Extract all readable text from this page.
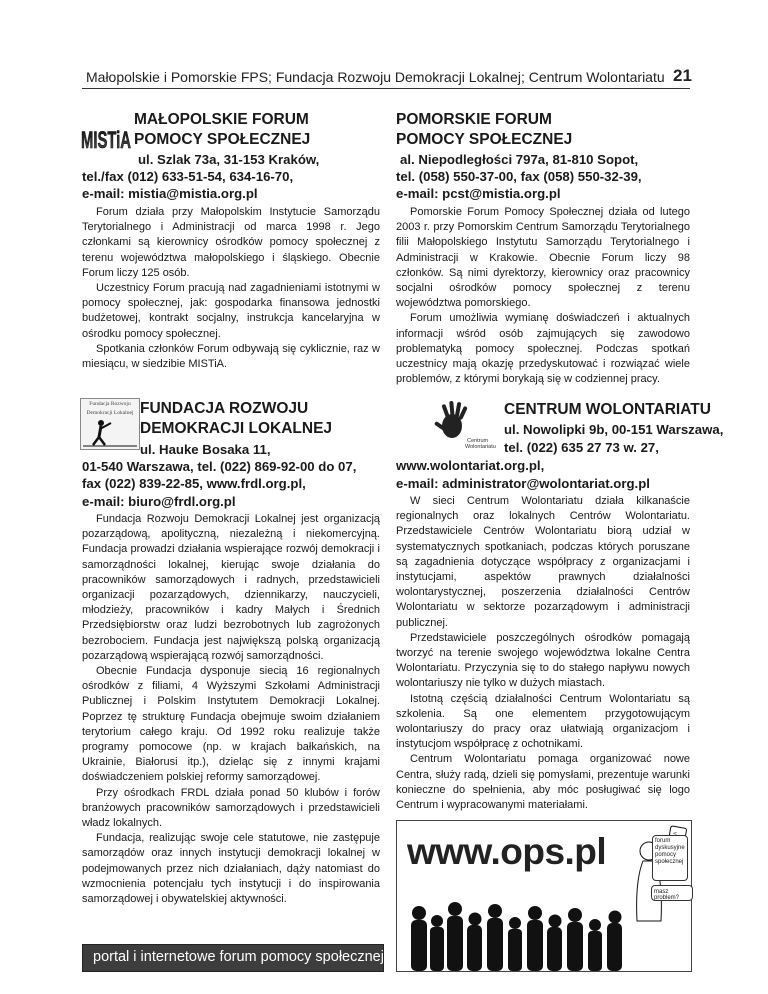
Małopolskie i Pomorskie FPS; Fundacja Rozwoju Demokracji Lokalnej; Centrum Wolontariatu 21
MISTiA
MAŁOPOLSKIE FORUM
POMOCY SPOŁECZNEJ
ul. Szlak 73a, 31-153 Kraków,
tel./fax (012) 633-51-54, 634-16-70,
e-mail: mistia@mistia.org.pl

Forum działa przy Małopolskim Instytucie Samorządu Terytorialnego i Administracji od marca 1998 r. Jego członkami są kierownicy ośrodków pomocy społecznej z terenu województwa małopolskiego i śląskiego. Obecnie Forum liczy 125 osób.

Uczestnicy Forum pracują nad zagadnieniami istotnymi w pomocy społecznej, jak: gospodarka finansowa jednostki budżetowej, kontrakt socjalny, instrukcja kancelaryjna w ośrodku pomocy społecznej.

Spotkania członków Forum odbywają się cyklicznie, raz w miesiącu, w siedzibie MISTiA.

POMORSKIE FORUM
POMOCY SPOŁECZNEJ
al. Niepodległości 797a, 81-810 Sopot,
tel. (058) 550-37-00, fax (058) 550-32-39,
e-mail: pcst@mistia.org.pl

Pomorskie Forum Pomocy Społecznej działa od lutego 2003 r. przy Pomorskim Centrum Samorządu Terytorialnego filii Małopolskiego Instytutu Samorządu Terytorialnego i Administracji w Krakowie. Obecnie Forum liczy 98 członków. Są nimi dyrektorzy, kierownicy oraz pracownicy socjalni ośrodków pomocy społecznej z terenu województwa pomorskiego.

Forum umożliwia wymianę doświadczeń i aktualnych informacji wśród osób zajmujących się zawodowo problematyką pomocy społecznej. Podczas spotkań uczestnicy mają okazję przedyskutować i rozwiązać wiele problemów, z którymi borykają się w codziennej pracy.

Fundacja Rozwoju
Demokracji Lokalnej FUNDACJA ROZWOJU
DEMOKRACJI LOKALNEJ
ul. Hauke Bosaka 11,
01-540 Warszawa, tel. (022) 869-92-00 do 07,
fax (022) 839-22-85, www.frdl.org.pl,
e-mail: biuro@frdl.org.pl

Fundacja Rozwoju Demokracji Lokalnej jest organizacją pozarządową, apolityczną, niezależną i niekomercyjną. Fundacja prowadzi działania wspierające rozwój demokracji i samorządności lokalnej, kierując swoje działania do pracowników samorządowych i radnych, przedstawicieli organizacji pozarządowych, dziennikarzy, nauczycieli, młodzieży, pracowników i kadry Małych i Średnich Przedsiębiorstw oraz ludzi bezrobotnych lub zagrożonych bezrobociem. Fundacja jest największą polską organizacją pozarządową wspierającą rozwój samorządności.

Obecnie Fundacja dysponuje siecią 16 regionalnych ośrodków z filiami, 4 Wyższymi Szkołami Administracji Publicznej i Polskim Instytutem Demokracji Lokalnej. Poprzez tę strukturę Fundacja obejmuje swoim działaniem terytorium całego kraju. Od 1992 roku realizuje także programy pomocowe (np. w krajach bałkańskich, na Ukrainie, Białorusi itp.), dzieląc się z innymi krajami doświadczeniem polskiej reformy samorządowej.

Przy ośrodkach FRDL działa ponad 50 klubów i forów branżowych pracowników samorządowych i przedstawicieli władz lokalnych.

Fundacja, realizując swoje cele statutowe, nie zastępuje samorządów oraz innych instytucji demokracji lokalnej w podejmowanych przez nich działaniach, dąży natomiast do wzmocnienia potencjału tych instytucji i do inspirowania samorządowej i obywatelskiej aktywności.

Centrum
Wolontariatu
CENTRUM WOLONTARIATU
ul. Nowolipki 9b, 00-151 Warszawa,
tel. (022) 635 27 73 w. 27,
www.wolontariat.org.pl,
e-mail: administrator@wolontariat.org.pl

W sieci Centrum Wolontariatu działa kilkanaście regionalnych oraz lokalnych Centrów Wolontariatu. Przedstawiciele Centrów Wolontariatu biorą udział w systematycznych spotkaniach, podczas których poruszane są zagadnienia dotyczące współpracy z organizacjami i instytucjami, aspektów prawnych działalności wolontarystycznej, poszerzenia działalności Centrów Wolontariatu w sektorze pozarządowym i administracji publicznej.

Przedstawiciele poszczególnych ośrodków pomagają tworzyć na terenie swojego województwa lokalne Centra Wolontariatu. Przyczynia się to do stałego napływu nowych wolontariuszy nie tylko w dużych miastach.

Istotną częścią działalności Centrum Wolontariatu są szkolenia. Są one elementem przygotowującym wolontariuszy do pracy oraz ułatwiają organizacjom i instytucjom współpracę z ochotnikami.

Centrum Wolontariatu pomaga organizować nowe Centra, służy radą, dzieli się pomysłami, prezentuje warunki konieczne do spełnienia, aby móc posługiwać się logo Centrum i wypracowanymi materiałami.

www.ops.pl	forum dyskusyjne pomocy społecznej
masz problem?
portal i internetowe forum pomocy społecznej
